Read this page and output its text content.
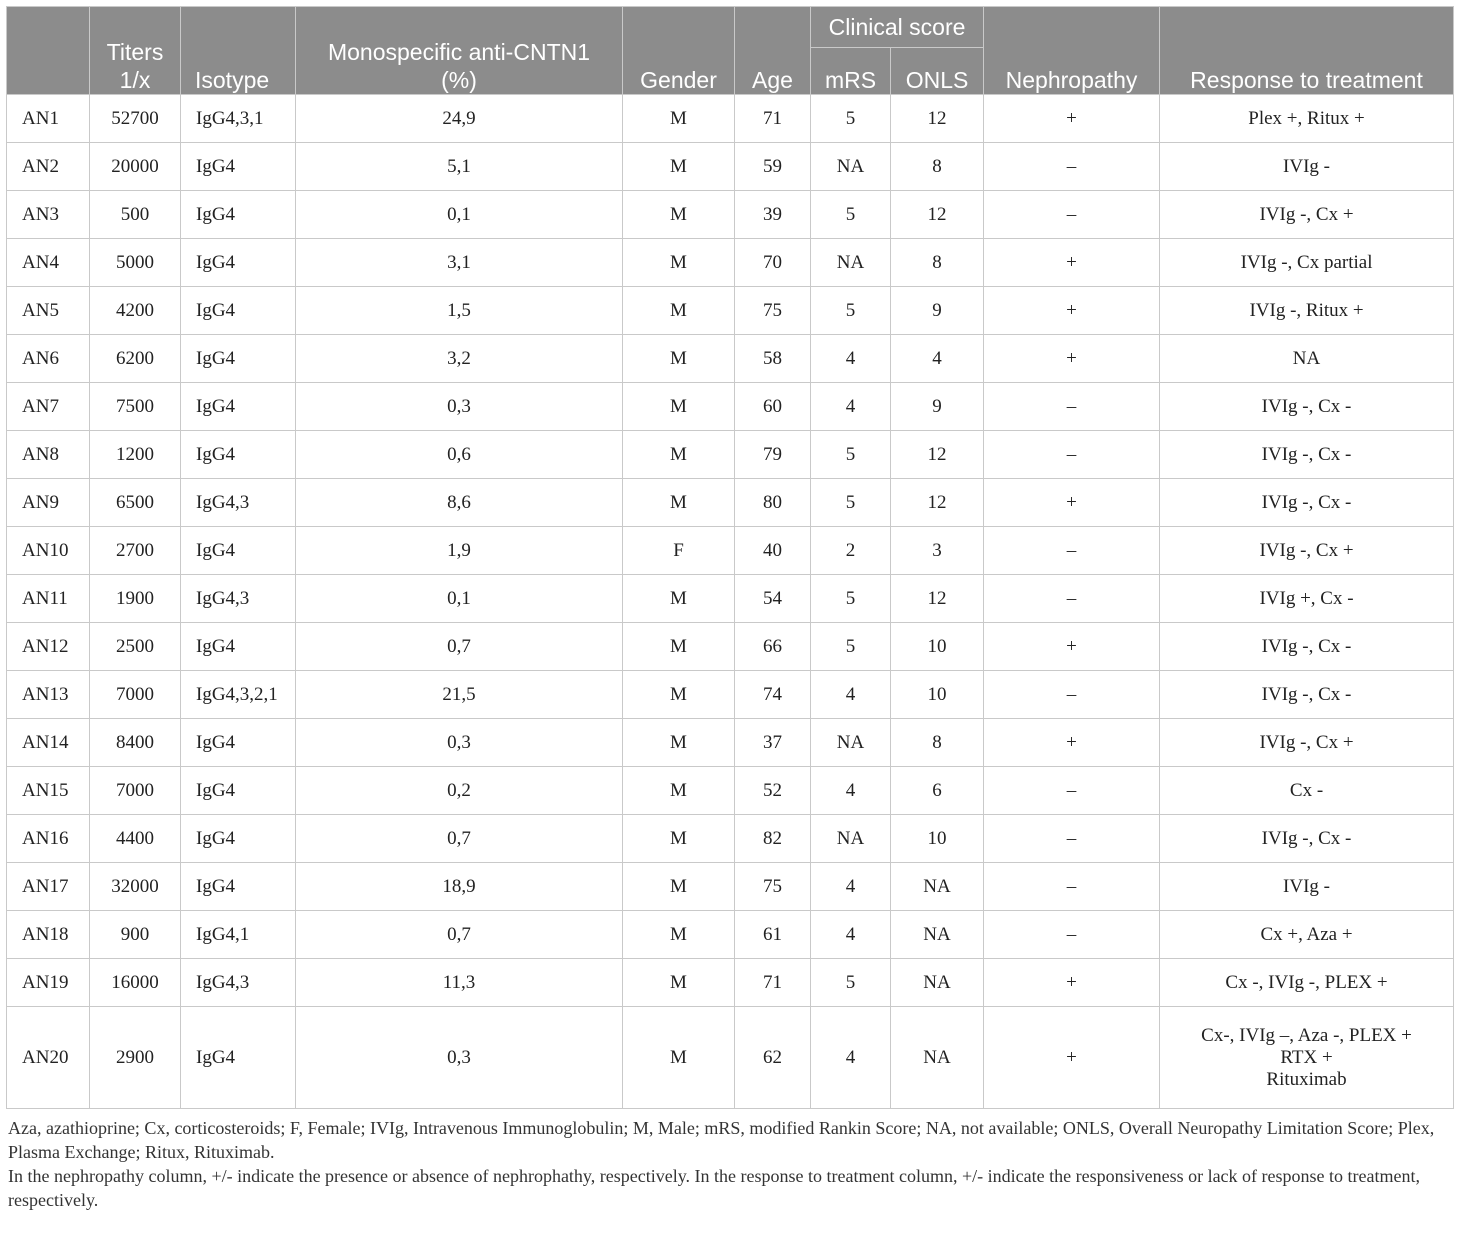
	Titers 1/x	Isotype	Monospecific anti-CNTN1 (%)	Gender	Age	Clinical score		Nephropathy	Response to treatment
						mRS	ONLS		
AN1	52700	IgG4,3,1	24,9	M	71	5	12	+	Plex +, Ritux +
AN2	20000	IgG4	5,1	M	59	NA	8	–	IVIg -
AN3	500	IgG4	0,1	M	39	5	12	–	IVIg -, Cx +
AN4	5000	IgG4	3,1	M	70	NA	8	+	IVIg -, Cx partial
AN5	4200	IgG4	1,5	M	75	5	9	+	IVIg -, Ritux +
AN6	6200	IgG4	3,2	M	58	4	4	+	NA
AN7	7500	IgG4	0,3	M	60	4	9	–	IVIg -, Cx -
AN8	1200	IgG4	0,6	M	79	5	12	–	IVIg -, Cx -
AN9	6500	IgG4,3	8,6	M	80	5	12	+	IVIg -, Cx -
AN10	2700	IgG4	1,9	F	40	2	3	–	IVIg -, Cx +
AN11	1900	IgG4,3	0,1	M	54	5	12	–	IVIg +, Cx -
AN12	2500	IgG4	0,7	M	66	5	10	+	IVIg -, Cx -
AN13	7000	IgG4,3,2,1	21,5	M	74	4	10	–	IVIg -, Cx -
AN14	8400	IgG4	0,3	M	37	NA	8	+	IVIg -, Cx +
AN15	7000	IgG4	0,2	M	52	4	6	–	Cx -
AN16	4400	IgG4	0,7	M	82	NA	10	–	IVIg -, Cx -
AN17	32000	IgG4	18,9	M	75	4	NA	–	IVIg -
AN18	900	IgG4,1	0,7	M	61	4	NA	–	Cx +, Aza +
AN19	16000	IgG4,3	11,3	M	71	5	NA	+	Cx -, IVIg -, PLEX +
AN20	2900	IgG4	0,3	M	62	4	NA	+	Cx-, IVIg –, Aza -, PLEX +
RTX +
Rituximab

Aza, azathioprine; Cx, corticosteroids; F, Female; IVIg, Intravenous Immunoglobulin; M, Male; mRS, modified Rankin Score; NA, not available; ONLS, Overall Neuropathy Limitation Score; Plex, Plasma Exchange; Ritux, Rituximab.

In the nephropathy column, +/- indicate the presence or absence of nephrophathy, respectively. In the response to treatment column, +/- indicate the responsiveness or lack of response to treatment, respectively.
